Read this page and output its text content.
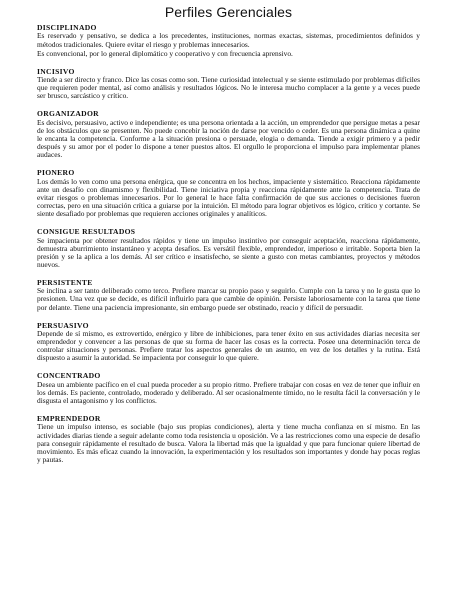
Perfiles Gerenciales

DISCIPLINADO

Es reservado y pensativo, se dedica a los precedentes, instituciones, normas exactas, sistemas, procedimientos definidos y métodos tradicionales. Quiere evitar el riesgo y problemas innecesarios.

Es convencional, por lo general diplomático y cooperativo y con frecuencia aprensivo.

INCISIVO

Tiende a ser directo y franco. Dice las cosas como son. Tiene curiosidad intelectual y se siente estimulado por problemas difíciles que requieren poder mental, así como análisis y resultados lógicos. No le interesa mucho complacer a la gente y a veces puede ser brusco, sarcástico y crítico.

ORGANIZADOR

Es decisivo, persuasivo, activo e independiente; es una persona orientada a la acción, un emprendedor que persigue metas a pesar de los obstáculos que se presenten. No puede concebir la noción de darse por vencido o ceder. Es una persona dinámica a quine le encanta la competencia. Conforme a la situación presiona o persuade, elogia o demanda. Tiende a exigir primero y a pedir después y su amor por el poder lo dispone a tener puestos altos. El orgullo le proporciona el impulso para implementar planes audaces.

PIONERO

Los demás lo ven como una persona enérgica, que se concentra en los hechos, impaciente y sistemático. Reacciona rápidamente ante un desafío con dinamismo y flexibilidad. Tiene iniciativa propia y reacciona rápidamente ante la competencia. Trata de evitar riesgos o problemas innecesarios. Por lo general le hace falta confirmación de que sus acciones o decisiones fueron correctas, pero en una situación crítica a guiarse por la intuición. El método para lograr objetivos es lógico, crítico y cortante. Se siente desafiado por problemas que requieren acciones originales y analíticos.

CONSIGUE RESULTADOS

Se impacienta por obtener resultados rápidos y tiene un impulso instintivo por conseguir aceptación, reacciona rápidamente, demuestra aburrimiento instantáneo y acepta desafíos. Es versátil flexible, emprendedor, imperioso e irritable. Soporta bien la presión y se la aplica a los demás. Al ser crítico e insatisfecho, se siente a gusto con metas cambiantes, proyectos y métodos nuevos.

PERSISTENTE

Se inclina a ser tanto deliberado como terco. Prefiere marcar su propio paso y seguirlo. Cumple con la tarea y no le gusta que lo presionen. Una vez que se decide, es difícil influirlo para que cambie de opinión. Persiste laboriosamente con la tarea que tiene por delante. Tiene una paciencia impresionante, sin embargo puede ser obstinado, reacio y difícil de persuadir.

PERSUASIVO

Depende de sí mismo, es extrovertido, enérgico y libre de inhibiciones, para tener éxito en sus actividades diarias necesita ser emprendedor y convencer a las personas de que su forma de hacer las cosas es la correcta. Posee una determinación terca de controlar situaciones y personas. Prefiere tratar los aspectos generales de un asunto, en vez de los detalles y la rutina. Está dispuesto a asumir la autoridad. Se impacienta por conseguir lo que quiere.

CONCENTRADO

Desea un ambiente pacífico en el cual pueda proceder a su propio ritmo. Prefiere trabajar con cosas en vez de tener que influir en los demás. Es paciente, controlado, moderado y deliberado. Al ser ocasionalmente tímido, no le resulta fácil la conversación y le disgusta el antagonismo y los conflictos.

EMPRENDEDOR

Tiene un impulso intenso, es sociable (bajo sus propias condiciones), alerta y tiene mucha confianza en sí mismo. En las actividades diarias tiende a seguir adelante como toda resistencia u oposición. Ve a las restricciones como una especie de desafío para conseguir rápidamente el resultado de busca. Valora la libertad más que la igualdad y que para funcionar quiere libertad de movimiento. Es más eficaz cuando la innovación, la experimentación y los resultados son importantes y donde hay pocas reglas y pautas.
